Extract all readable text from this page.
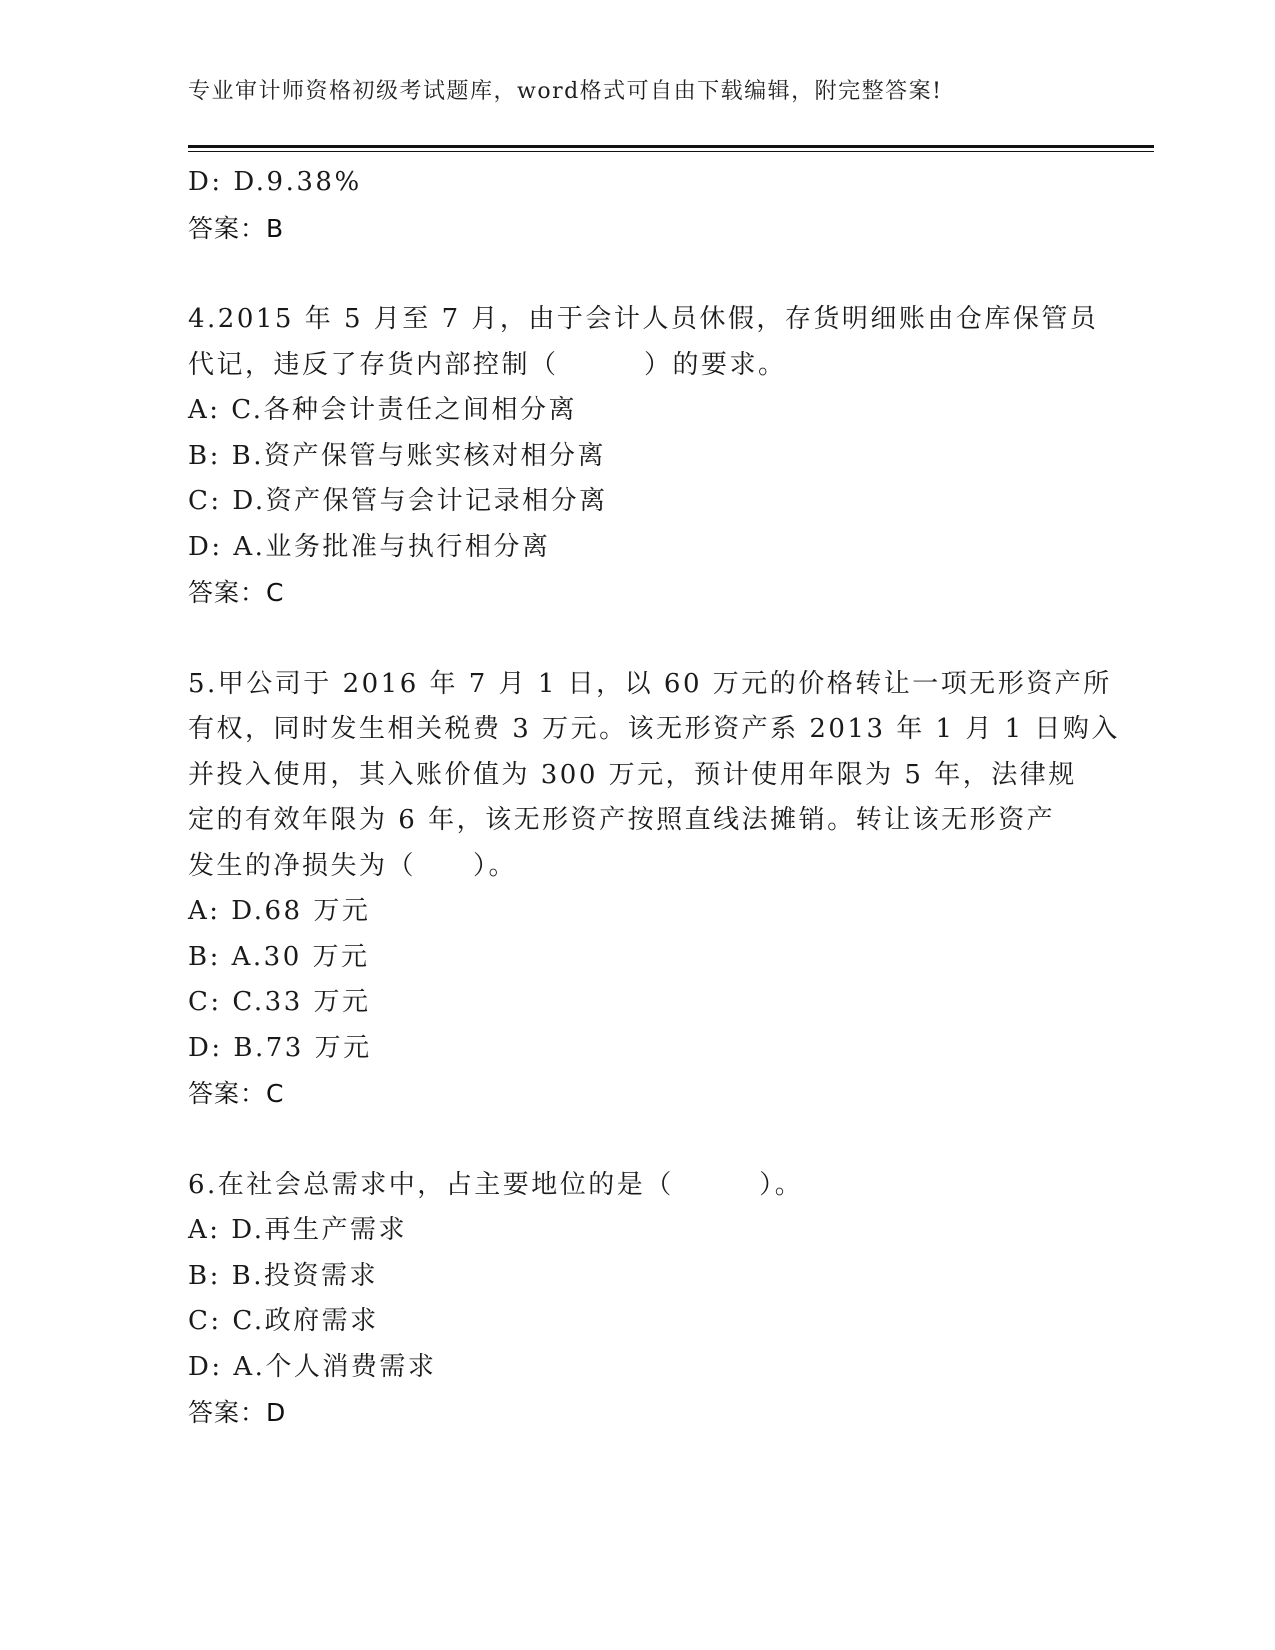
专业审计师资格初级考试题库，word格式可自由下载编辑，附完整答案!
D: D.9.38%
答案：B
4.2015 年 5 月至 7 月，由于会计人员休假，存货明细账由仓库保管员
代记，违反了存货内部控制（　　　）的要求。
A: C.各种会计责任之间相分离
B: B.资产保管与账实核对相分离
C: D.资产保管与会计记录相分离
D: A.业务批准与执行相分离
答案：C
5.甲公司于 2016 年 7 月 1 日，以 60 万元的价格转让一项无形资产所
有权，同时发生相关税费 3 万元。该无形资产系 2013 年 1 月 1 日购入
并投入使用，其入账价值为 300 万元，预计使用年限为 5 年，法律规
定的有效年限为 6 年，该无形资产按照直线法摊销。转让该无形资产
发生的净损失为（　　）。
A: D.68 万元
B: A.30 万元
C: C.33 万元
D: B.73 万元
答案：C
6.在社会总需求中，占主要地位的是（　　　）。
A: D.再生产需求
B: B.投资需求
C: C.政府需求
D: A.个人消费需求
答案：D
